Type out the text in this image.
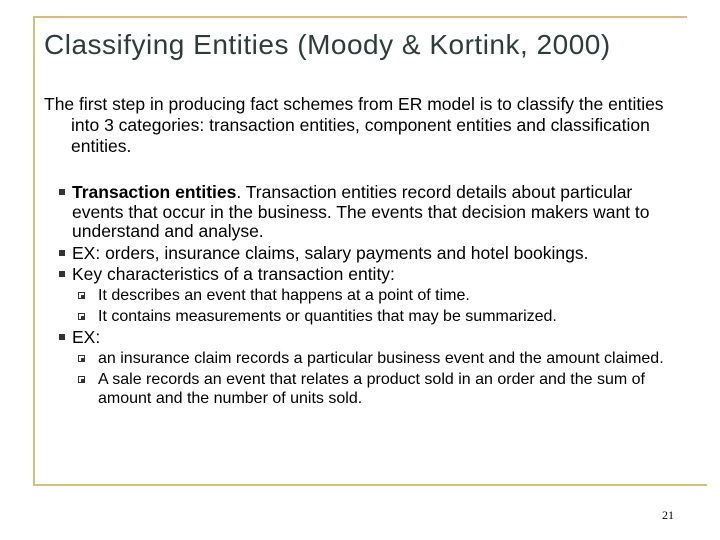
Classifying Entities (Moody & Kortink, 2000)

The first step in producing fact schemes from ER model is to classify the entities into 3 categories: transaction entities, component entities and classification entities.

Transaction entities. Transaction entities record details about particular events that occur in the business. The events that decision makers want to understand and analyse.
EX: orders, insurance claims, salary payments and hotel bookings.
Key characteristics of a transaction entity:
It describes an event that happens at a point of time.
It contains measurements or quantities that may be summarized.
EX:
an insurance claim records a particular business event and the amount claimed.
A sale records an event that relates a product sold in an order and the sum of amount and the number of units sold.
21
